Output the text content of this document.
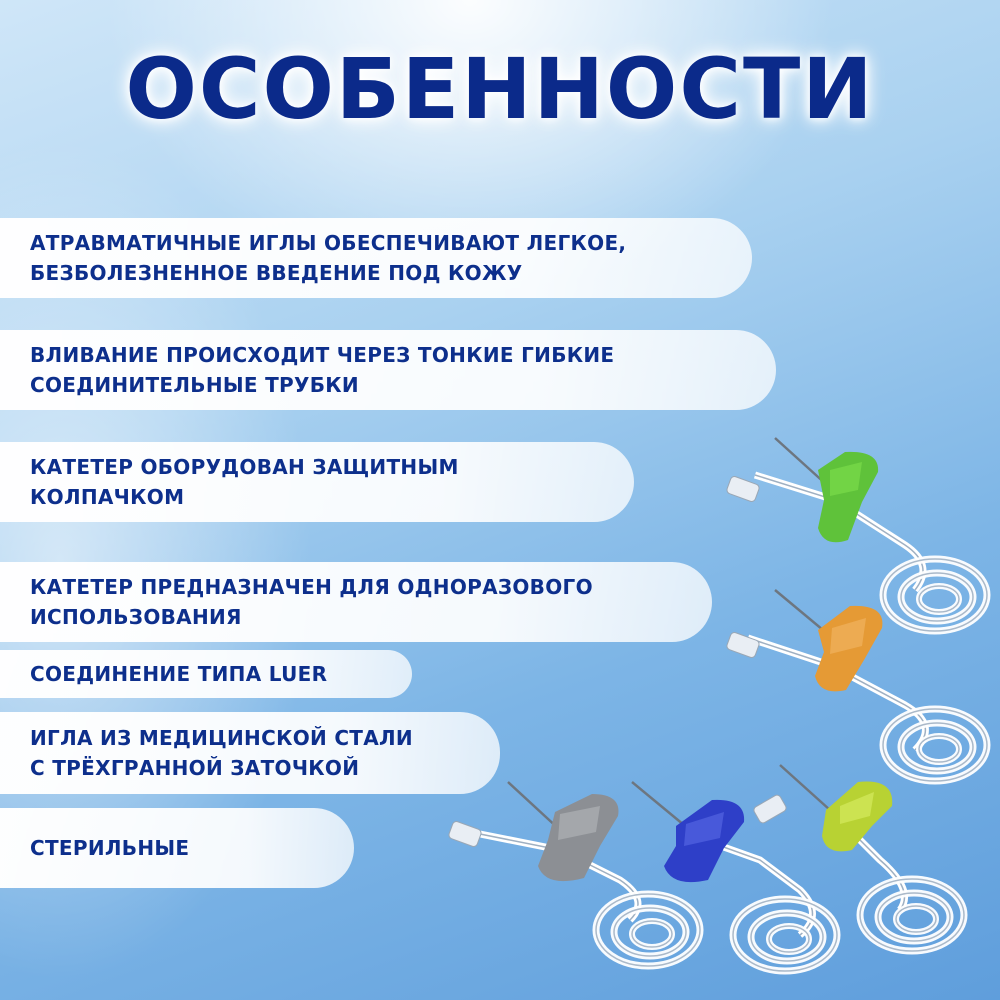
ОСОБЕННОСТИ
АТРАВМАТИЧНЫЕ ИГЛЫ ОБЕСПЕЧИВАЮТ ЛЕГКОЕ,
БЕЗБОЛЕЗНЕННОЕ ВВЕДЕНИЕ ПОД КОЖУ
ВЛИВАНИЕ ПРОИСХОДИТ ЧЕРЕЗ ТОНКИЕ ГИБКИЕ
СОЕДИНИТЕЛЬНЫЕ ТРУБКИ
КАТЕТЕР ОБОРУДОВАН ЗАЩИТНЫМ
КОЛПАЧКОМ
КАТЕТЕР ПРЕДНАЗНАЧЕН ДЛЯ ОДНОРАЗОВОГО
ИСПОЛЬЗОВАНИЯ
СОЕДИНЕНИЕ ТИПА LUER
ИГЛА ИЗ МЕДИЦИНСКОЙ СТАЛИ
С ТРЁХГРАННОЙ ЗАТОЧКОЙ
СТЕРИЛЬНЫЕ
